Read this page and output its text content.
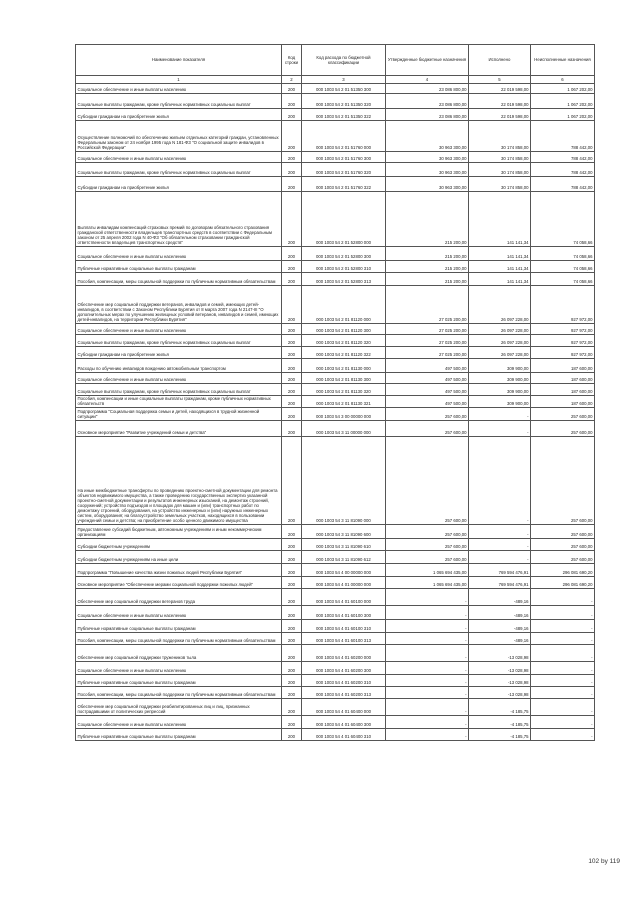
Наименование показателя	Код строки	Код расхода по бюджетной классификации	Утвержденные бюджетные назначения	Исполнено	Неисполненные назначения
1	2	3	4	5	6
Социальное обеспечение и иные выплаты населению	200	000 1003 54 2 01 51350 300	23 086 800,00	22 019 598,00	1 067 202,00
Социальные выплаты гражданам, кроме публичных нормативных социальных выплат	200	000 1003 54 2 01 51350 320	23 086 800,00	22 019 598,00	1 067 202,00
Субсидии гражданам на приобретение жилья	200	000 1003 54 2 01 51350 322	23 086 800,00	22 019 598,00	1 067 202,00
Осуществление полномочий по обеспечению жильем отдельных категорий граждан, установленных Федеральным законом от 24 ноября 1995 года N 181-ФЗ "О социальной защите инвалидов в Российской Федерации"	200	000 1003 54 2 01 51760 000	30 963 300,00	30 174 858,00	788 442,00
Социальное обеспечение и иные выплаты населению	200	000 1003 54 2 01 51760 300	30 963 300,00	30 174 858,00	788 442,00
Социальные выплаты гражданам, кроме публичных нормативных социальных выплат	200	000 1003 54 2 01 51760 320	30 963 300,00	30 174 858,00	788 442,00
Субсидии гражданам на приобретение жилья	200	000 1003 54 2 01 51760 322	30 963 300,00	30 174 858,00	788 442,00
Выплаты инвалидам компенсаций страховых премий по договорам обязательного страхования гражданской ответственности владельцев транспортных средств в соответствии с Федеральным законом от 25 апреля 2002 года N 40-ФЗ "Об обязательном страховании гражданской ответственности владельцев транспортных средств"	200	000 1003 54 2 01 52800 000	215 200,00	141 141,34	74 058,66
Социальное обеспечение и иные выплаты населению	200	000 1003 54 2 01 52800 300	215 200,00	141 141,34	74 058,66
Публичные нормативные социальные выплаты гражданам	200	000 1003 54 2 01 52800 310	215 200,00	141 141,34	74 058,66
Пособия, компенсации, меры социальной поддержки по публичным нормативным обязательствам	200	000 1003 54 2 01 52800 313	215 200,00	141 141,34	74 058,66
Обеспечение мер социальной поддержки ветеранов, инвалидов и семей, имеющих детей-инвалидов, в соответствии с Законом Республики Бурятия от 8 марта 2007 года N 2147-III "О дополнительных мерах по улучшению жилищных условий ветеранов, инвалидов и семей, имеющих детей-инвалидов, на территории Республики Бурятия"	200	000 1003 54 2 01 81120 000	27 025 200,00	26 097 228,00	927 972,00
Социальное обеспечение и иные выплаты населению	200	000 1003 54 2 01 81120 300	27 025 200,00	26 097 228,00	927 972,00
Социальные выплаты гражданам, кроме публичных нормативных социальных выплат	200	000 1003 54 2 01 81120 320	27 025 200,00	26 097 228,00	927 972,00
Субсидии гражданам на приобретение жилья	200	000 1003 54 2 01 81120 322	27 025 200,00	26 097 228,00	927 972,00
Расходы по обучению инвалидов вождению автомобильным транспортом	200	000 1003 54 2 01 81130 000	497 500,00	309 900,00	187 600,00
Социальное обеспечение и иные выплаты населению	200	000 1003 54 2 01 81130 300	497 500,00	309 900,00	187 600,00
Социальные выплаты гражданам, кроме публичных нормативных социальных выплат	200	000 1003 54 2 01 81130 320	497 500,00	309 900,00	187 600,00
Пособия, компенсации и иные социальные выплаты гражданам, кроме публичных нормативных обязательств	200	000 1003 54 2 01 81130 321	497 500,00	309 900,00	187 600,00
Подпрограмма "Социальная поддержка семьи и детей, находящихся в трудной жизненной ситуации"	200	000 1003 54 3 00 00000 000	257 600,00	-	257 600,00
Основное мероприятие "Развитие учреждений семьи и детства"	200	000 1003 54 3 11 00000 000	257 600,00	-	257 600,00
На иные межбюджетные трансферты по проведению проектно-сметной документации для ремонта объектов недвижимого имущества, а также проведению государственных экспертиз указанной проектно-сметной документации и результатов инженерных изысканий, на демонтаж строений, сооружений; устройство подъездов и площадок для машин и (или) транспортных работ по демонтажу строений, оборудования, на устройство инженерных и (или) наружных инженерных систем, оборудования; на благоустройство земельных участков, находящихся в пользовании учреждений семьи и детства; на приобретение особо ценного движимого имущества	200	000 1003 54 3 11 81090 000	257 600,00	-	257 600,00
Предоставление субсидий бюджетным, автономным учреждениям и иным некоммерческим организациям	200	000 1003 54 3 11 81090 600	257 600,00	-	257 600,00
Субсидии бюджетным учреждениям	200	000 1003 54 3 11 81090 610	257 600,00	-	257 600,00
Субсидии бюджетным учреждениям на иные цели	200	000 1003 54 3 11 81090 612	257 600,00	-	257 600,00
Подпрограмма "Повышение качества жизни пожилых людей Республики Бурятия"	200	000 1003 54 4 00 00000 000	1 065 694 435,00	769 594 476,91	296 081 690,20
Основное мероприятие "Обеспечение мерами социальной поддержки пожилых людей"	200	000 1003 54 4 01 00000 000	1 065 694 435,00	769 594 476,91	296 081 690,20
Обеспечение мер социальной поддержки ветеранов труда	200	000 1003 54 4 01 60100 000	-	-489,16	-
Социальное обеспечение и иные выплаты населению	200	000 1003 54 4 01 60100 300	-	-489,16	-
Публичные нормативные социальные выплаты гражданам	200	000 1003 54 4 01 60100 310	-	-489,16	-
Пособия, компенсации, меры социальной поддержки по публичным нормативным обязательствам	200	000 1003 54 4 01 60100 313	-	-489,16	-
Обеспечение мер социальной поддержки тружеников тыла	200	000 1003 54 4 01 60200 000	-	-13 028,98	-
Социальное обеспечение и иные выплаты населению	200	000 1003 54 4 01 60200 300	-	-13 028,98	-
Публичные нормативные социальные выплаты гражданам	200	000 1003 54 4 01 60200 310	-	-13 028,98	-
Пособия, компенсации, меры социальной поддержки по публичным нормативным обязательствам	200	000 1003 54 4 01 60200 313	-	-13 028,98	-
Обеспечение мер социальной поддержки реабилитированных лиц и лиц, признанных пострадавшими от политических репрессий	200	000 1003 54 4 01 60400 000	-	-4 185,75	-
Социальное обеспечение и иные выплаты населению	200	000 1003 54 4 01 60400 300	-	-4 185,75	-
Публичные нормативные социальные выплаты гражданам	200	000 1003 54 4 01 60400 310	-	-4 185,75	-
102 by 119
